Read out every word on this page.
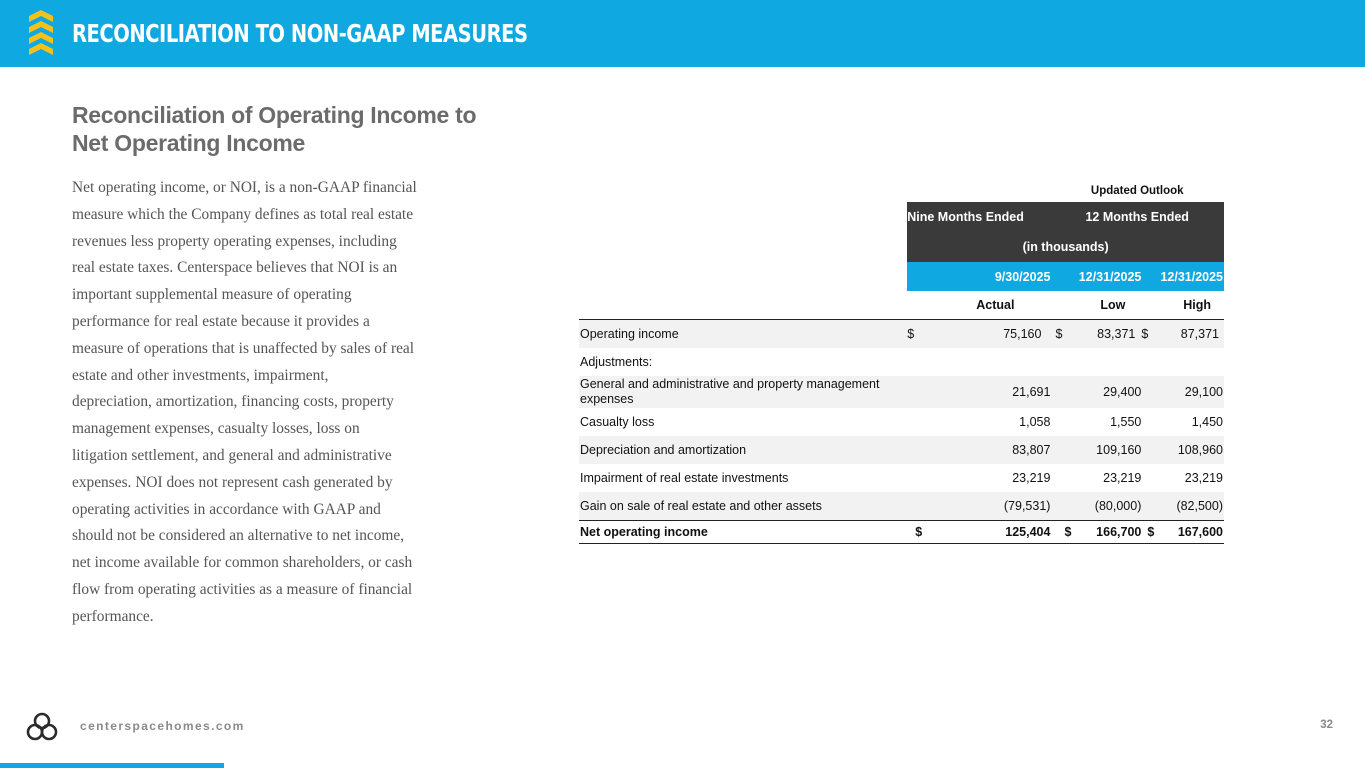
RECONCILIATION TO NON-GAAP MEASURES
Reconciliation of Operating Income to Net Operating Income
Net operating income, or NOI, is a non-GAAP financial
measure which the Company defines as total real estate
revenues less property operating expenses, including
real estate taxes. Centerspace believes that NOI is an
important supplemental measure of operating
performance for real estate because it provides a
measure of operations that is unaffected by sales of real
estate and other investments, impairment,
depreciation, amortization, financing costs, property
management expenses, casualty losses, loss on
litigation settlement, and general and administrative
expenses. NOI does not represent cash generated by
operating activities in accordance with GAAP and
should not be considered an alternative to net income,
net income available for common shareholders, or cash
flow from operating activities as a measure of financial
performance.
			Updated Outlook			
	Nine Months Ended		12 Months Ended			
	(in thousands)					
	9/30/2025		12/31/2025		12/31/2025	
	Actual		Low		High	
Operating income	$	75,160	$	83,371	$	87,371
Adjustments:						
General and administrative and property management expenses		21,691		29,400		29,100
Casualty loss		1,058		1,550		1,450
Depreciation and amortization		83,807		109,160		108,960
Impairment of real estate investments		23,219		23,219		23,219
Gain on sale of real estate and other assets		(79,531)		(80,000)		(82,500)
Net operating income	$	125,404	$	166,700	$	167,600
centerspacehomes.com	32
